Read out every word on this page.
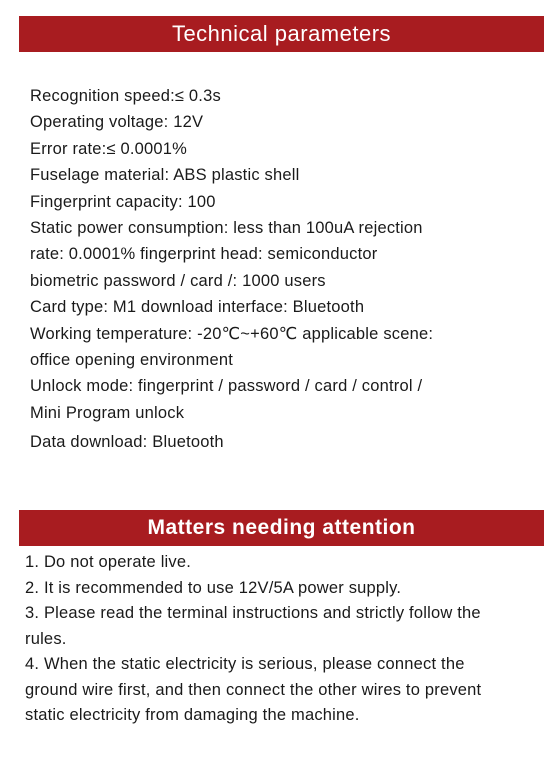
Technical parameters
Recognition speed:≤ 0.3s
Operating voltage: 12V
Error rate:≤ 0.0001%
Fuselage material: ABS plastic shell
Fingerprint capacity: 100
Static power consumption: less than 100uA rejection
rate: 0.0001% fingerprint head: semiconductor
biometric password / card /: 1000 users
Card type: M1 download interface: Bluetooth
Working temperature: -20℃~+60℃ applicable scene:
office opening environment
Unlock mode: fingerprint / password / card / control /
Mini Program unlock
Data download: Bluetooth
Matters needing attention
1. Do not operate live.
2. It is recommended to use 12V/5A power supply.
3. Please read the terminal instructions and strictly follow the
rules.
4. When the static electricity is serious, please connect the
ground wire first, and then connect the other wires to prevent
static electricity from damaging the machine.
